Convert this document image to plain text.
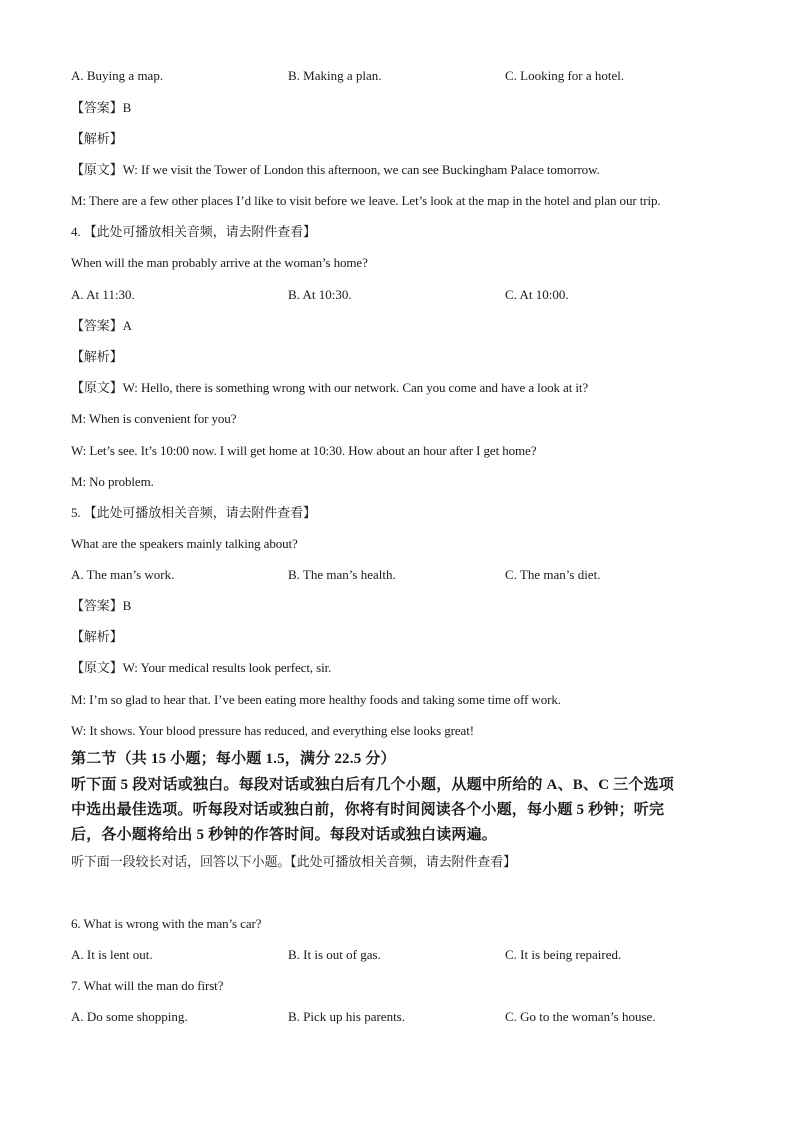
A. Buying a map.	B. Making a plan.	C. Looking for a hotel.
【答案】B
【解析】
【原文】W: If we visit the Tower of London this afternoon, we can see Buckingham Palace tomorrow.
M: There are a few other places I’d like to visit before we leave. Let’s look at the map in the hotel and plan our trip.
4. 【此处可播放相关音频，请去附件查看】
When will the man probably arrive at the woman’s home?
A. At 11:30.	B. At 10:30.	C. At 10:00.
【答案】A
【解析】
【原文】W: Hello, there is something wrong with our network. Can you come and have a look at it?
M: When is convenient for you?
W: Let’s see. It’s 10:00 now. I will get home at 10:30. How about an hour after I get home?
M: No problem.
5. 【此处可播放相关音频，请去附件查看】
What are the speakers mainly talking about?
A. The man’s work.	B. The man’s health.	C. The man’s diet.
【答案】B
【解析】
【原文】W: Your medical results look perfect, sir.
M: I’m so glad to hear that. I’ve been eating more healthy foods and taking some time off work.
W: It shows. Your blood pressure has reduced, and everything else looks great!
第二节（共 15 小题；每小题 1.5，满分 22.5 分）
听下面 5 段对话或独白。每段对话或独白后有几个小题，从题中所给的 A、B、C 三个选项
中选出最佳选项。听每段对话或独白前，你将有时间阅读各个小题，每小题 5 秒钟；听完
后，各小题将给出 5 秒钟的作答时间。每段对话或独白读两遍。
听下面一段较长对话，回答以下小题。【此处可播放相关音频，请去附件查看】
6. What is wrong with the man’s car?
A. It is lent out.	B. It is out of gas.	C. It is being repaired.
7. What will the man do first?
A. Do some shopping.	B. Pick up his parents.	C. Go to the woman’s house.
